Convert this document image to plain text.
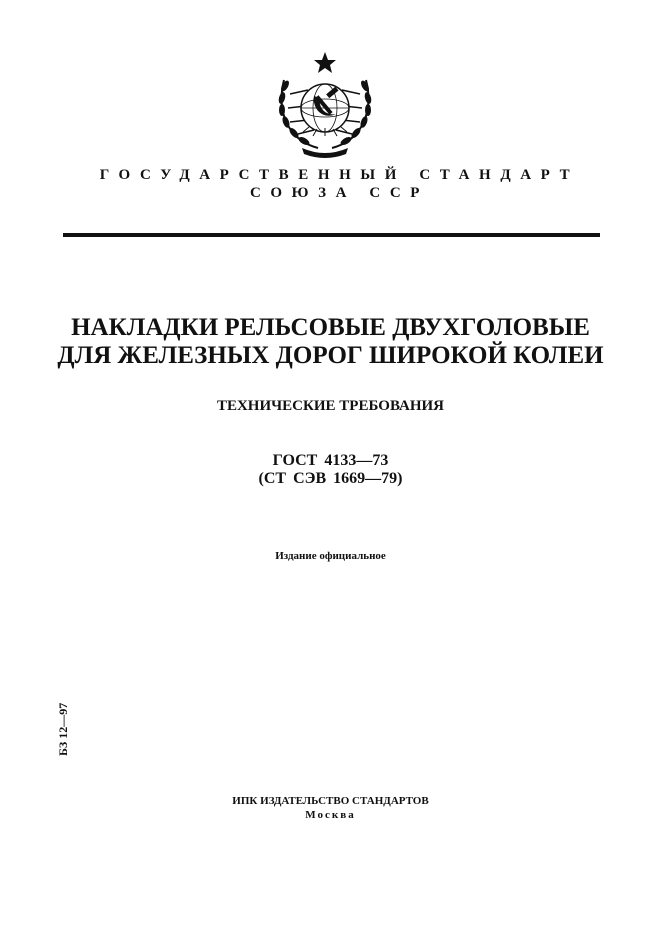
ГОСУДАРСТВЕННЫЙ СТАНДАРТ
СОЮЗА ССР
НАКЛАДКИ РЕЛЬСОВЫЕ ДВУХГОЛОВЫЕ
ДЛЯ ЖЕЛЕЗНЫХ ДОРОГ ШИРОКОЙ КОЛЕИ
ТЕХНИЧЕСКИЕ ТРЕБОВАНИЯ
ГОСТ 4133—73
(СТ СЭВ 1669—79)
Издание официальное
БЗ 12—97
ИПК ИЗДАТЕЛЬСТВО СТАНДАРТОВ
Москва
